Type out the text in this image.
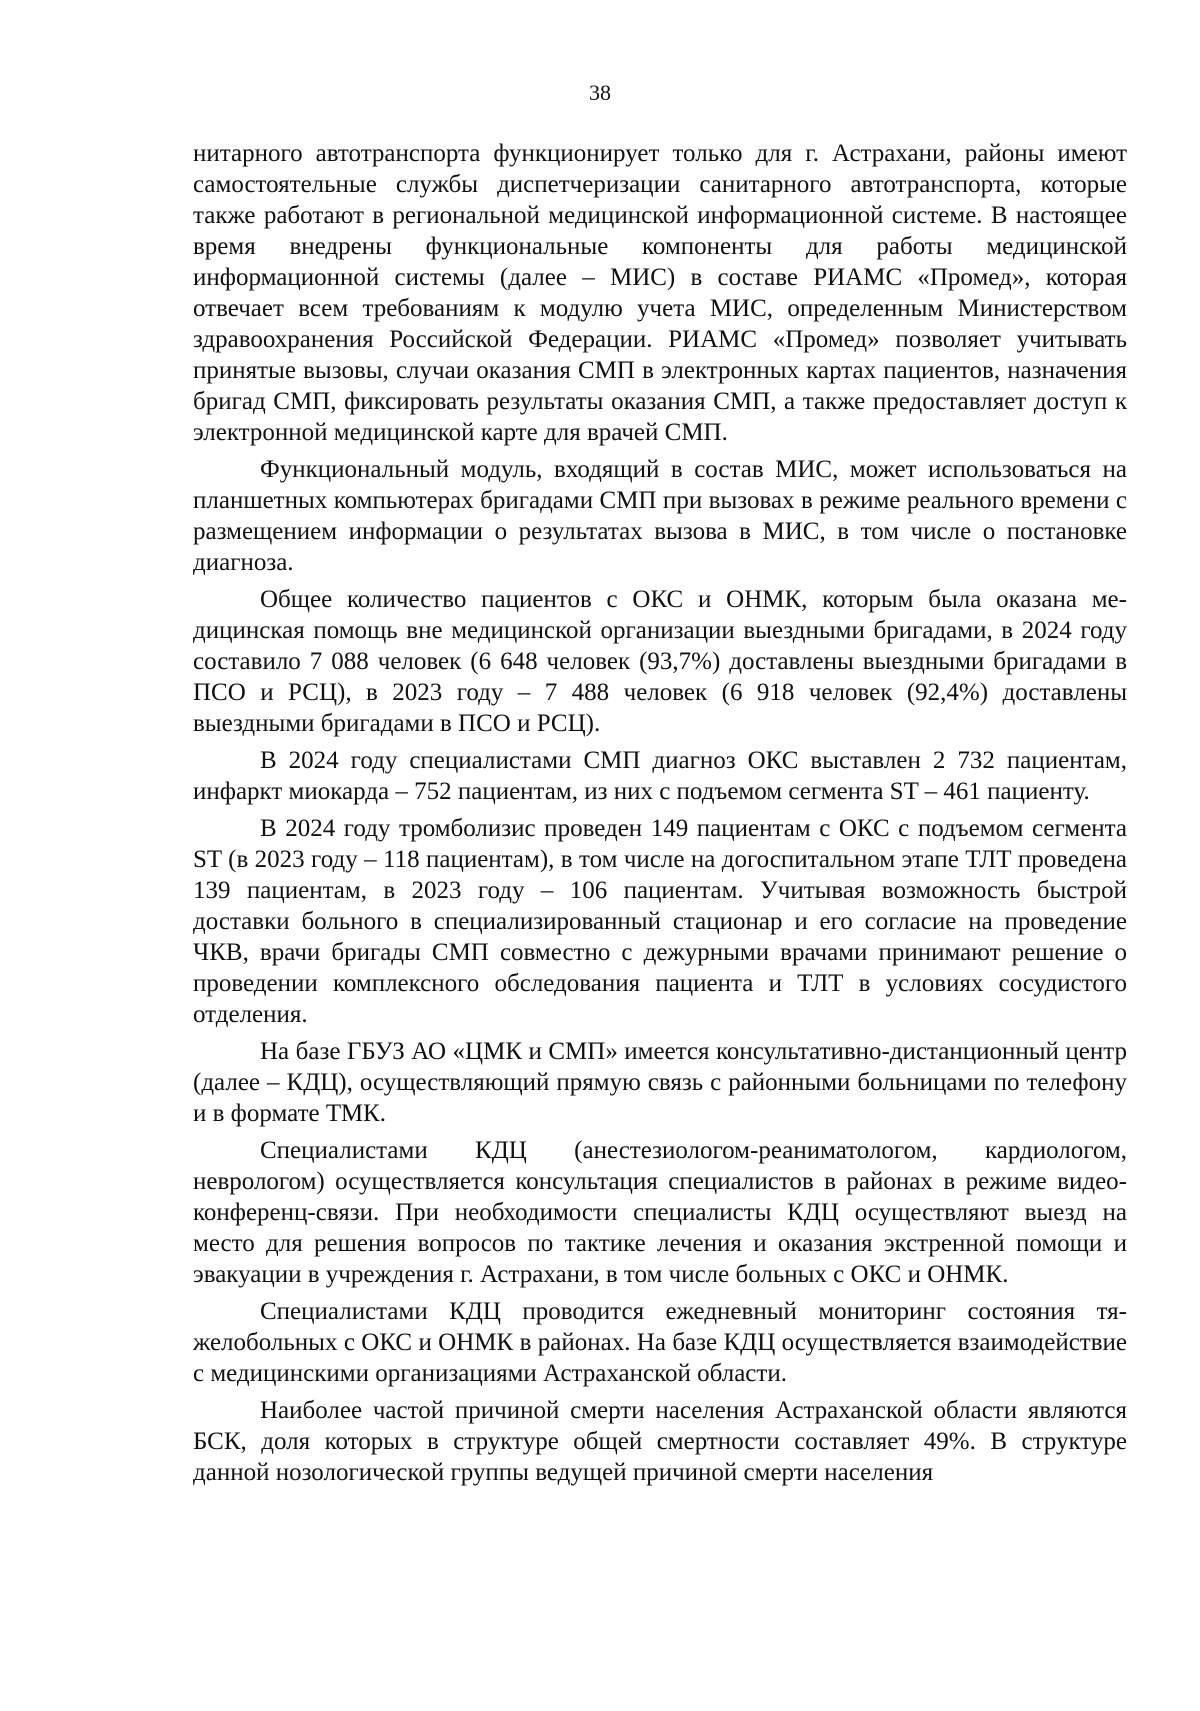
38

нитарного автотранспорта функционирует только для г. Астрахани, районы имеют самостоятельные службы диспетчеризации санитарного автотранспорта, которые также работают в региональной медицинской информационной системе. В настоящее время внедрены функциональные компоненты для работы медицинской информационной системы (далее – МИС) в составе РИАМС «Промед», которая отвечает всем требованиям к модулю учета МИС, определенным Министерством здравоохранения Российской Федерации. РИАМС «Промед» позволяет учитывать принятые вызовы, случаи оказания СМП в электронных картах пациентов, назначения бригад СМП, фиксировать результаты оказания СМП, а также предоставляет доступ к электронной медицинской карте для врачей СМП.

Функциональный модуль, входящий в состав МИС, может использоваться на планшетных компьютерах бригадами СМП при вызовах в режиме реального времени с размещением информации о результатах вызова в МИС, в том числе о постановке диагноза.

Общее количество пациентов с ОКС и ОНМК, которым была оказана медицинская помощь вне медицинской организации выездными бригадами, в 2024 году составило 7 088 человек (6 648 человек (93,7%) доставлены выездными бригадами в ПСО и РСЦ), в 2023 году – 7 488 человек (6 918 человек (92,4%) доставлены выездными бригадами в ПСО и РСЦ).

В 2024 году специалистами СМП диагноз ОКС выставлен 2 732 пациентам, инфаркт миокарда – 752 пациентам, из них с подъемом сегмента ST – 461 пациенту.

В 2024 году тромболизис проведен 149 пациентам с ОКС с подъемом сегмента ST (в 2023 году – 118 пациентам), в том числе на догоспитальном этапе ТЛТ проведена 139 пациентам, в 2023 году – 106 пациентам. Учитывая возможность быстрой доставки больного в специализированный стационар и его согласие на проведение ЧКВ, врачи бригады СМП совместно с дежурными врачами принимают решение о проведении комплексного обследования пациента и ТЛТ в условиях сосудистого отделения.

На базе ГБУЗ АО «ЦМК и СМП» имеется консультативно-дистанционный центр (далее – КДЦ), осуществляющий прямую связь с районными больницами по телефону и в формате ТМК.

Специалистами КДЦ (анестезиологом-реаниматологом, кардиологом, неврологом) осуществляется консультация специалистов в районах в режиме видео-конференц-связи. При необходимости специалисты КДЦ осуществляют выезд на место для решения вопросов по тактике лечения и оказания экстренной помощи и эвакуации в учреждения г. Астрахани, в том числе больных с ОКС и ОНМК.

Специалистами КДЦ проводится ежедневный мониторинг состояния тяжелобольных с ОКС и ОНМК в районах. На базе КДЦ осуществляется взаимодействие с медицинскими организациями Астраханской области.

Наиболее частой причиной смерти населения Астраханской области являются БСК, доля которых в структуре общей смертности составляет 49%. В структуре данной нозологической группы ведущей причиной смерти населения
